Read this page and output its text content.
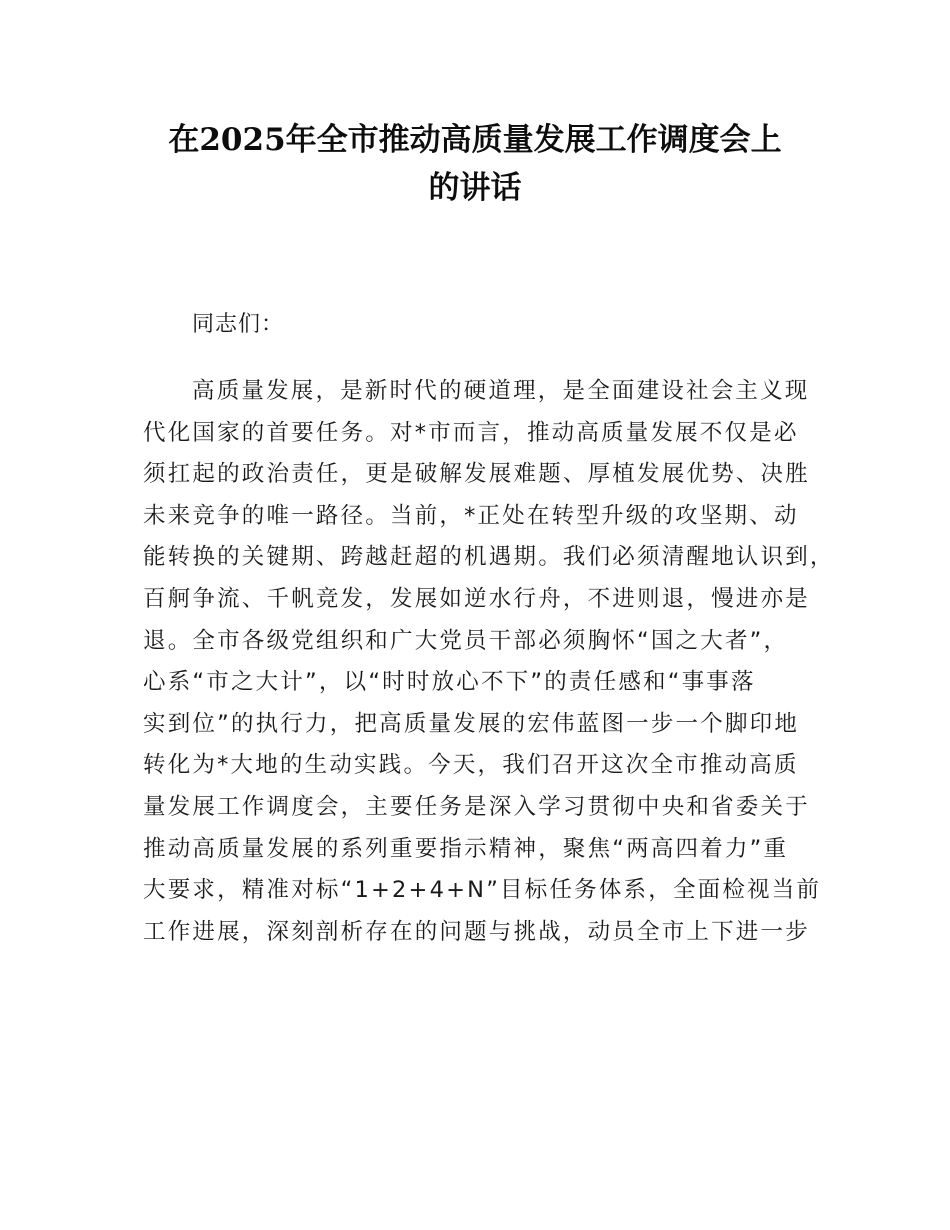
在2025年全市推动高质量发展工作调度会上
的讲话
同志们：
高质量发展，是新时代的硬道理，是全面建设社会主义现
代化国家的首要任务。对*市而言，推动高质量发展不仅是必
须扛起的政治责任，更是破解发展难题、厚植发展优势、决胜
未来竞争的唯一路径。当前，*正处在转型升级的攻坚期、动
能转换的关键期、跨越赶超的机遇期。我们必须清醒地认识到，
百舸争流、千帆竞发，发展如逆水行舟，不进则退，慢进亦是
退。全市各级党组织和广大党员干部必须胸怀“国之大者”，
心系“市之大计”，以“时时放心不下”的责任感和“事事落
实到位”的执行力，把高质量发展的宏伟蓝图一步一个脚印地
转化为*大地的生动实践。今天，我们召开这次全市推动高质
量发展工作调度会，主要任务是深入学习贯彻中央和省委关于
推动高质量发展的系列重要指示精神，聚焦“两高四着力”重
大要求，精准对标“1+2+4+N”目标任务体系，全面检视当前
工作进展，深刻剖析存在的问题与挑战，动员全市上下进一步
